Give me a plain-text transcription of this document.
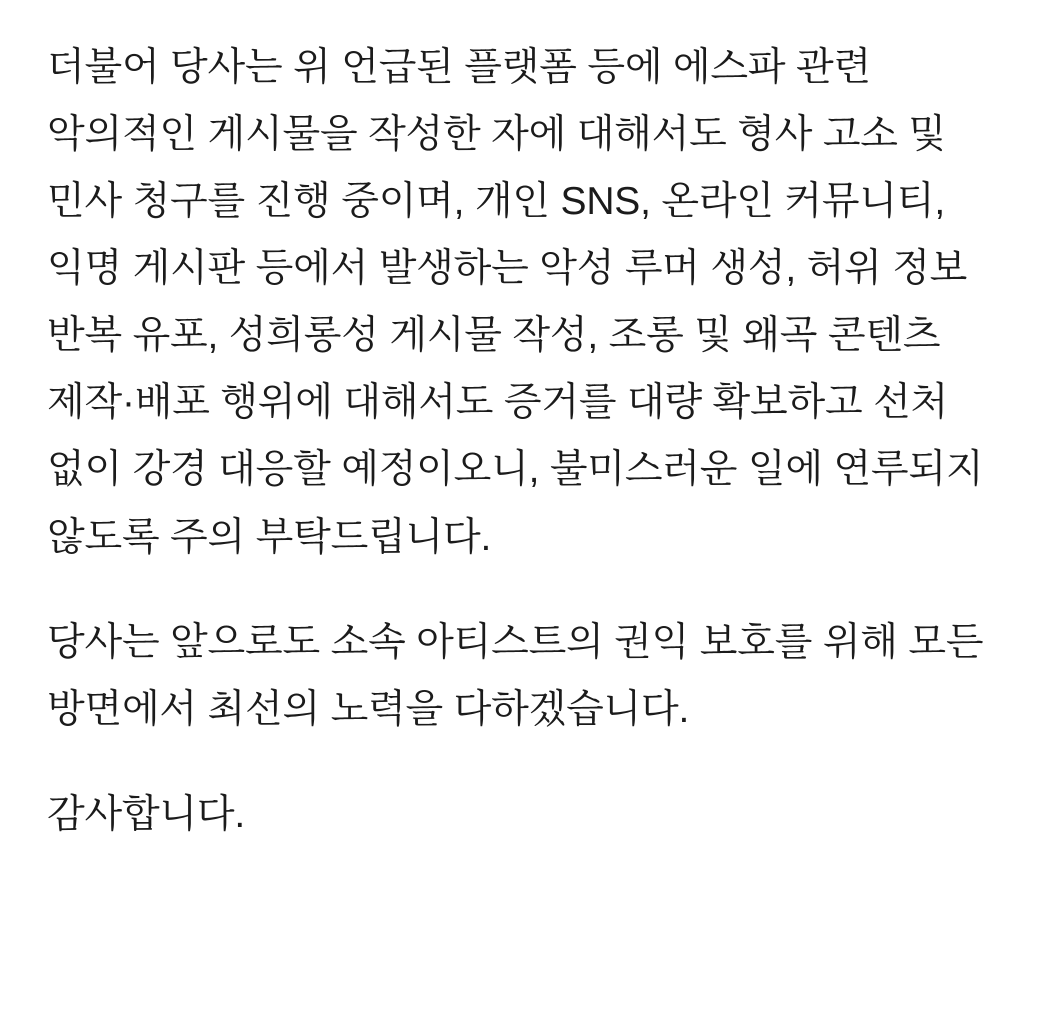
더불어 당사는 위 언급된 플랫폼 등에 에스파 관련 악의적인 게시물을 작성한 자에 대해서도 형사 고소 및 민사 청구를 진행 중이며, 개인 SNS, 온라인 커뮤니티, 익명 게시판 등에서 발생하는 악성 루머 생성, 허위 정보 반복 유포, 성희롱성 게시물 작성, 조롱 및 왜곡 콘텐츠 제작·배포 행위에 대해서도 증거를 대량 확보하고 선처 없이 강경 대응할 예정이오니, 불미스러운 일에 연루되지 않도록 주의 부탁드립니다.

당사는 앞으로도 소속 아티스트의 권익 보호를 위해 모든 방면에서 최선의 노력을 다하겠습니다.

감사합니다.
